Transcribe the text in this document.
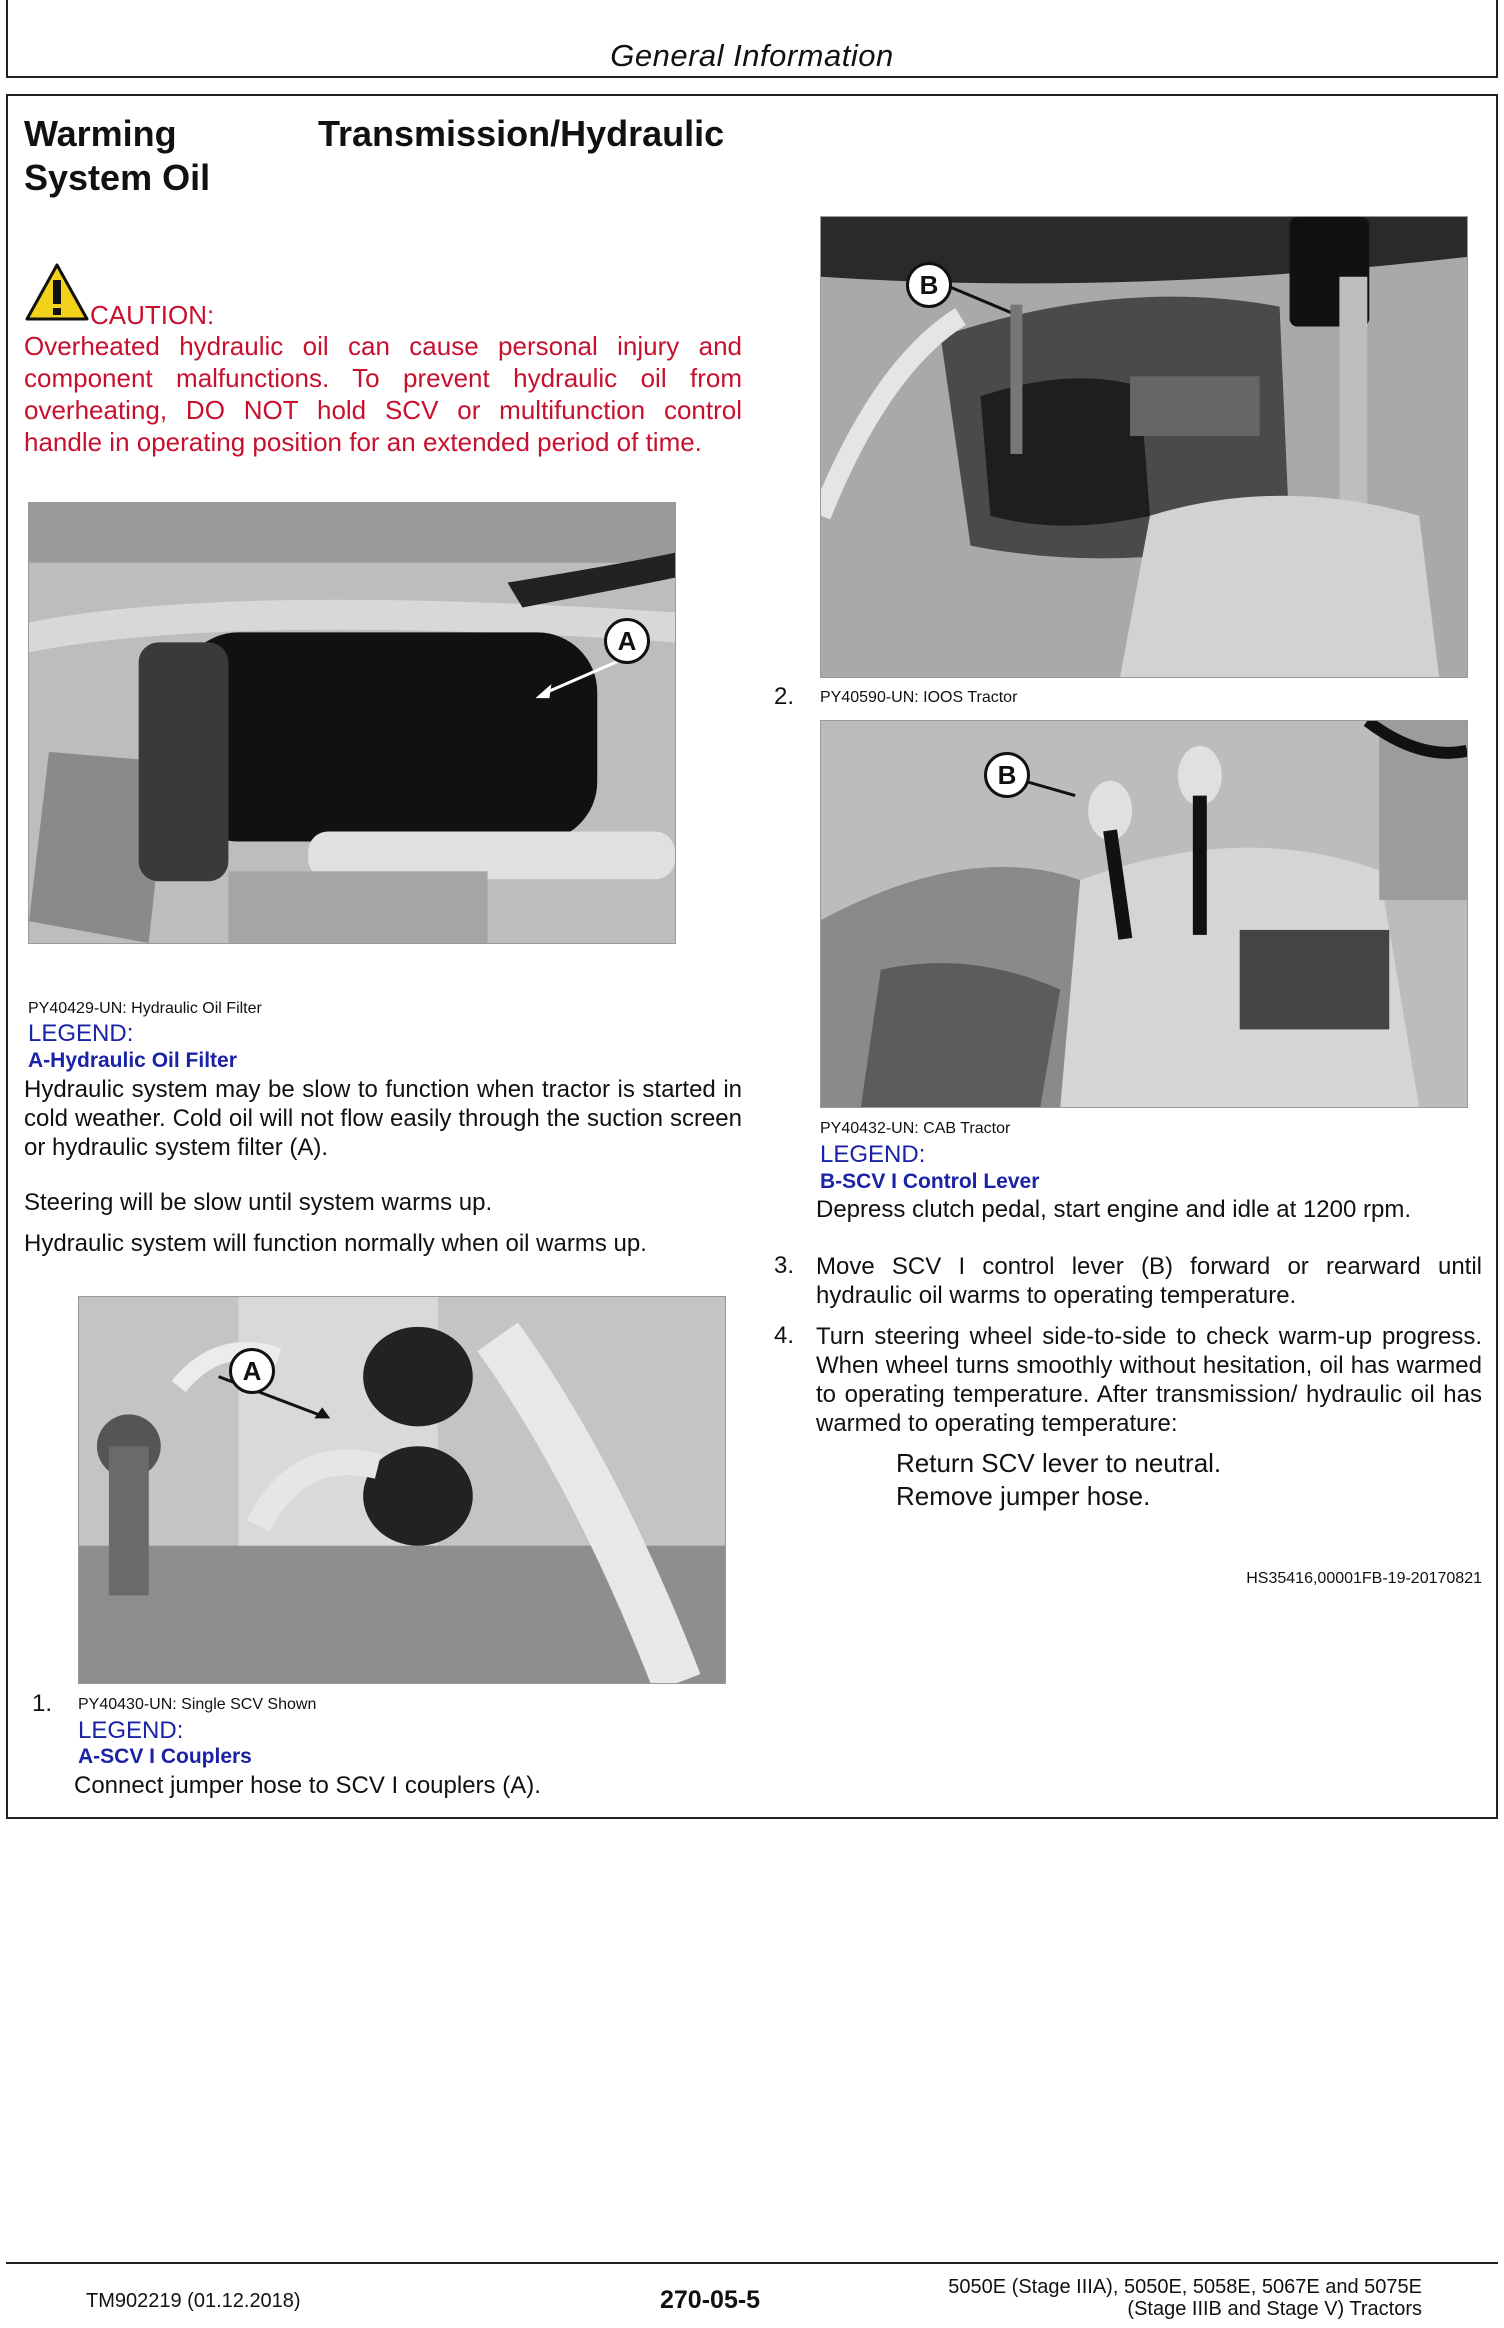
General Information
Warming	Transmission/Hydraulic
System Oil
CAUTION:
Overheated hydraulic oil can cause personal injury and component malfunctions. To prevent hydraulic oil from overheating, DO NOT hold SCV or multifunction control handle in operating position for an extended period of time.
A
PY40429-UN: Hydraulic Oil Filter
LEGEND:
A-Hydraulic Oil Filter
Hydraulic system may be slow to function when tractor is started in cold weather. Cold oil will not flow easily through the suction screen or hydraulic system filter (A).
Steering will be slow until system warms up.
Hydraulic system will function normally when oil warms up.
A
1. PY40430-UN: Single SCV Shown
LEGEND:
A-SCV I Couplers
Connect jumper hose to SCV I couplers (A).
B
2. PY40590-UN: IOOS Tractor
B
PY40432-UN: CAB Tractor
LEGEND:
B-SCV I Control Lever
Depress clutch pedal, start engine and idle at 1200 rpm.
3. Move SCV I control lever (B) forward or rearward until hydraulic oil warms to operating temperature.
4. Turn steering wheel side-to-side to check warm-up progress. When wheel turns smoothly without hesitation, oil has warmed to operating temperature. After transmission/ hydraulic oil has warmed to operating temperature:
Return SCV lever to neutral.
Remove jumper hose.
HS35416,00001FB-19-20170821
TM902219 (01.12.2018)	270-05-5	5050E (Stage IIIA), 5050E, 5058E, 5067E and 5075E
(Stage IIIB and Stage V) Tractors
